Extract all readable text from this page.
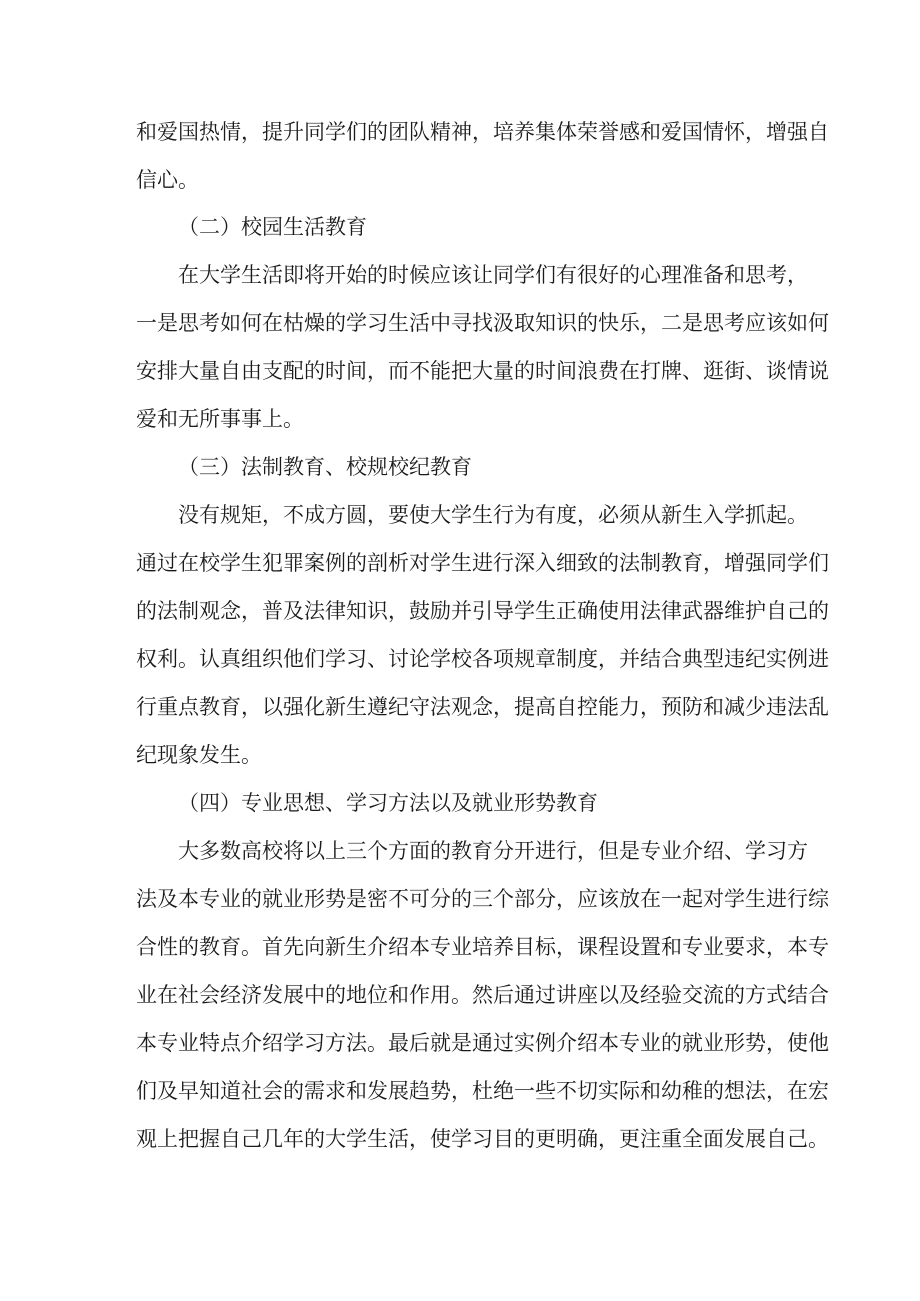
和爱国热情，提升同学们的团队精神，培养集体荣誉感和爱国情怀，增强自
信心。
（二）校园生活教育
在大学生活即将开始的时候应该让同学们有很好的心理准备和思考，
一是思考如何在枯燥的学习生活中寻找汲取知识的快乐，二是思考应该如何
安排大量自由支配的时间，而不能把大量的时间浪费在打牌、逛街、谈情说
爱和无所事事上。
（三）法制教育、校规校纪教育
没有规矩，不成方圆，要使大学生行为有度，必须从新生入学抓起。
通过在校学生犯罪案例的剖析对学生进行深入细致的法制教育，增强同学们
的法制观念，普及法律知识，鼓励并引导学生正确使用法律武器维护自己的
权利。认真组织他们学习、讨论学校各项规章制度，并结合典型违纪实例进
行重点教育，以强化新生遵纪守法观念，提高自控能力，预防和减少违法乱
纪现象发生。
（四）专业思想、学习方法以及就业形势教育
大多数高校将以上三个方面的教育分开进行，但是专业介绍、学习方
法及本专业的就业形势是密不可分的三个部分，应该放在一起对学生进行综
合性的教育。首先向新生介绍本专业培养目标，课程设置和专业要求，本专
业在社会经济发展中的地位和作用。然后通过讲座以及经验交流的方式结合
本专业特点介绍学习方法。最后就是通过实例介绍本专业的就业形势，使他
们及早知道社会的需求和发展趋势，杜绝一些不切实际和幼稚的想法，在宏
观上把握自己几年的大学生活，使学习目的更明确，更注重全面发展自己。
